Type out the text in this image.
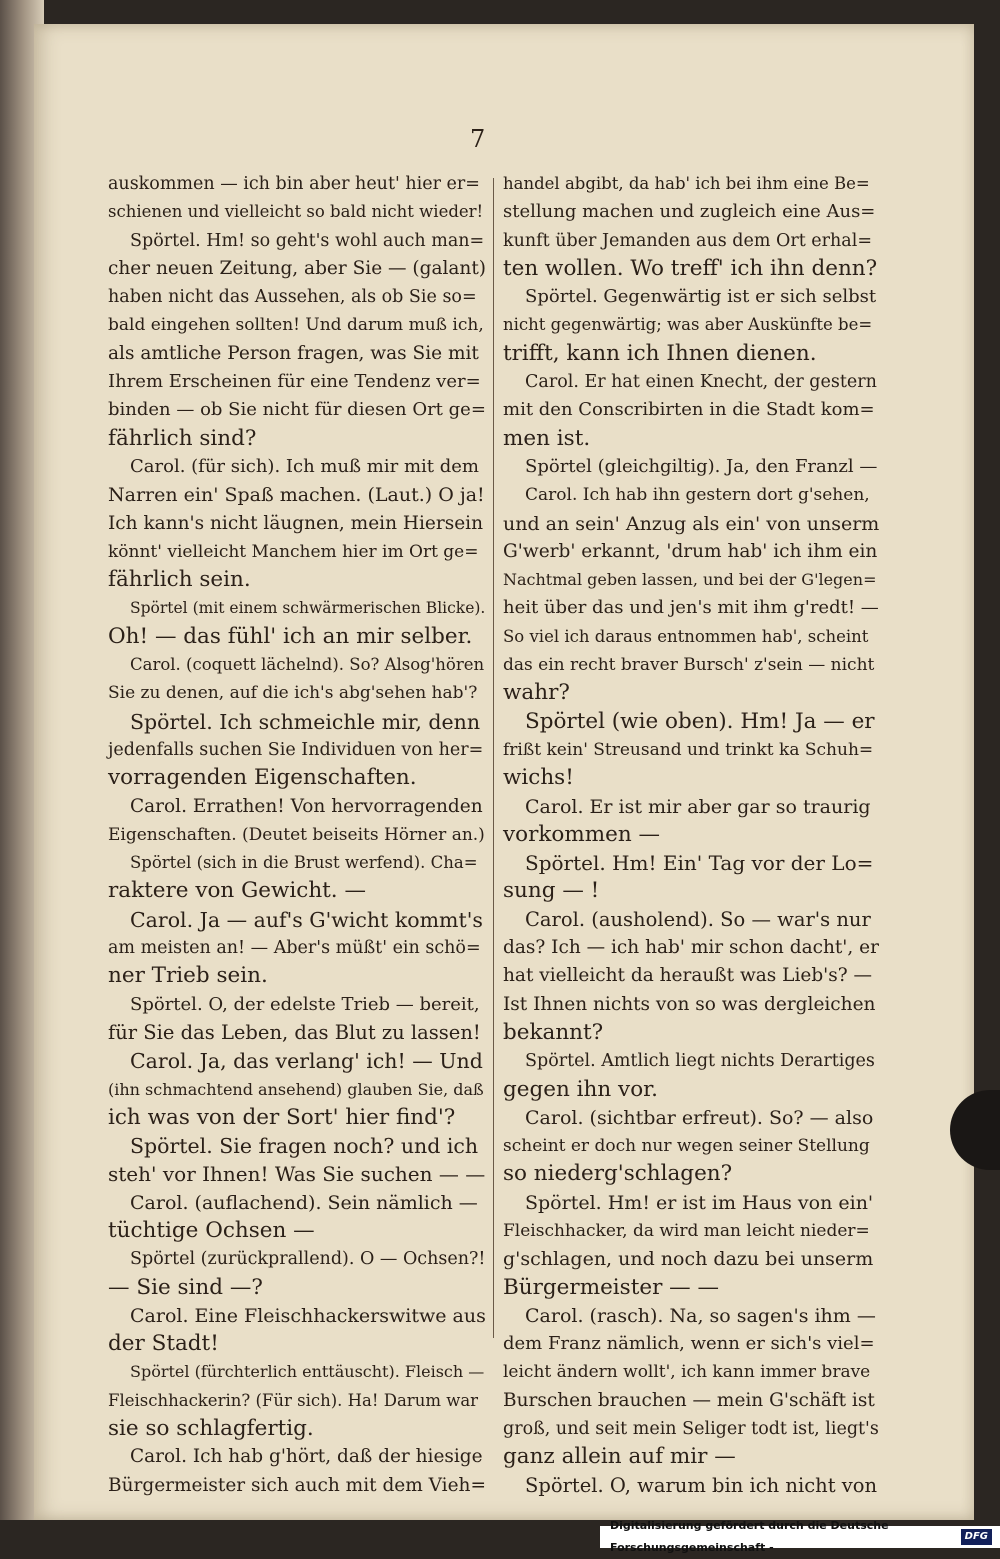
7
auskommen — ich bin aber heut' hier er=
schienen und vielleicht so bald nicht wieder!
Spörtel. Hm! so geht's wohl auch man=
cher neuen Zeitung, aber Sie — (galant)
haben nicht das Aussehen, als ob Sie so=
bald eingehen sollten! Und darum muß ich,
als amtliche Person fragen, was Sie mit
Ihrem Erscheinen für eine Tendenz ver=
binden — ob Sie nicht für diesen Ort ge=
fährlich sind?
Carol. (für sich). Ich muß mir mit dem
Narren ein' Spaß machen. (Laut.) O ja!
Ich kann's nicht läugnen, mein Hiersein
könnt' vielleicht Manchem hier im Ort ge=
fährlich sein.
Spörtel (mit einem schwärmerischen Blicke).
Oh! — das fühl' ich an mir selber.
Carol. (coquett lächelnd). So? Alsog'hören
Sie zu denen, auf die ich's abg'sehen hab'?
Spörtel. Ich schmeichle mir, denn
jedenfalls suchen Sie Individuen von her=
vorragenden Eigenschaften.
Carol. Errathen! Von hervorragenden
Eigenschaften. (Deutet beiseits Hörner an.)
Spörtel (sich in die Brust werfend). Cha=
raktere von Gewicht. —
Carol. Ja — auf's G'wicht kommt's
am meisten an! — Aber's müßt' ein schö=
ner Trieb sein.
Spörtel. O, der edelste Trieb — bereit,
für Sie das Leben, das Blut zu lassen!
Carol. Ja, das verlang' ich! — Und
(ihn schmachtend ansehend) glauben Sie, daß
ich was von der Sort' hier find'?
Spörtel. Sie fragen noch? und ich
steh' vor Ihnen! Was Sie suchen — —
Carol. (auflachend). Sein nämlich —
tüchtige Ochsen —
Spörtel (zurückprallend). O — Ochsen?!
— Sie sind —?
Carol. Eine Fleischhackerswitwe aus
der Stadt!
Spörtel (fürchterlich enttäuscht). Fleisch —
Fleischhackerin? (Für sich). Ha! Darum war
sie so schlagfertig.
Carol. Ich hab g'hört, daß der hiesige
Bürgermeister sich auch mit dem Vieh=
handel abgibt, da hab' ich bei ihm eine Be=
stellung machen und zugleich eine Aus=
kunft über Jemanden aus dem Ort erhal=
ten wollen. Wo treff' ich ihn denn?
Spörtel. Gegenwärtig ist er sich selbst
nicht gegenwärtig; was aber Auskünfte be=
trifft, kann ich Ihnen dienen.
Carol. Er hat einen Knecht, der gestern
mit den Conscribirten in die Stadt kom=
men ist.
Spörtel (gleichgiltig). Ja, den Franzl —
Carol. Ich hab ihn gestern dort g'sehen,
und an sein' Anzug als ein' von unserm
G'werb' erkannt, 'drum hab' ich ihm ein
Nachtmal geben lassen, und bei der G'legen=
heit über das und jen's mit ihm g'redt! —
So viel ich daraus entnommen hab', scheint
das ein recht braver Bursch' z'sein — nicht
wahr?
Spörtel (wie oben). Hm! Ja — er
frißt kein' Streusand und trinkt ka Schuh=
wichs!
Carol. Er ist mir aber gar so traurig
vorkommen —
Spörtel. Hm! Ein' Tag vor der Lo=
sung — !
Carol. (ausholend). So — war's nur
das? Ich — ich hab' mir schon dacht', er
hat vielleicht da heraußt was Lieb's? —
Ist Ihnen nichts von so was dergleichen
bekannt?
Spörtel. Amtlich liegt nichts Derartiges
gegen ihn vor.
Carol. (sichtbar erfreut). So? — also
scheint er doch nur wegen seiner Stellung
so niederg'schlagen?
Spörtel. Hm! er ist im Haus von ein'
Fleischhacker, da wird man leicht nieder=
g'schlagen, und noch dazu bei unserm
Bürgermeister — —
Carol. (rasch). Na, so sagen's ihm —
dem Franz nämlich, wenn er sich's viel=
leicht ändern wollt', ich kann immer brave
Burschen brauchen — mein G'schäft ist
groß, und seit mein Seliger todt ist, liegt's
ganz allein auf mir —
Spörtel. O, warum bin ich nicht von
Digitalisierung gefördert durch die Deutsche Forschungsgemeinschaft -
DFG
